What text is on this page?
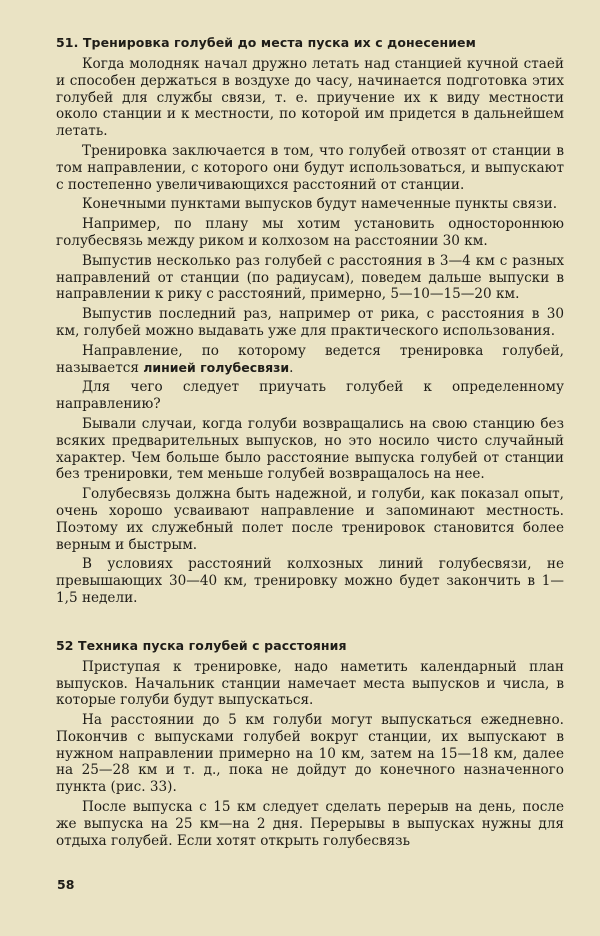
51. Тренировка голубей до места пуска их с донесением

Когда молодняк начал дружно летать над станцией кучной стаей и способен держаться в воздухе до часу, начинается подготовка этих голубей для службы связи, т. е. приучение их к виду местности около станции и к местности, по которой им придется в дальнейшем летать.

Тренировка заключается в том, что голубей отвозят от станции в том направлении, с которого они будут использоваться, и выпускают с постепенно увеличивающихся расстояний от станции.

Конечными пунктами выпусков будут намеченные пункты связи.

Например, по плану мы хотим установить одностороннюю голубесвязь между риком и колхозом на расстоянии 30 км.

Выпустив несколько раз голубей с расстояния в 3—4 км с разных направлений от станции (по радиусам), поведем дальше выпуски в направлении к рику с расстояний, примерно, 5—10—15—20 км.

Выпустив последний раз, например от рика, с расстояния в 30 км, голубей можно выдавать уже для практического использования.

Направление, по которому ведется тренировка голубей, называется линией голубесвязи.

Для чего следует приучать голубей к определенному направлению?

Бывали случаи, когда голуби возвращались на свою станцию без всяких предварительных выпусков, но это носило чисто случайный характер. Чем больше было расстояние выпуска голубей от станции без тренировки, тем меньше голубей возвращалось на нее.

Голубесвязь должна быть надежной, и голуби, как показал опыт, очень хорошо усваивают направление и запоминают местность. Поэтому их служебный полет после тренировок становится более верным и быстрым.

В условиях расстояний колхозных линий голубесвязи, не превышающих 30—40 км, тренировку можно будет закончить в 1—1,5 недели.

52 Техника пуска голубей с расстояния

Приступая к тренировке, надо наметить календарный план выпусков. Начальник станции намечает места выпусков и числа, в которые голуби будут выпускаться.

На расстоянии до 5 км голуби могут выпускаться ежедневно. Покончив с выпусками голубей вокруг станции, их выпускают в нужном направлении примерно на 10 км, затем на 15—18 км, далее на 25—28 км и т. д., пока не дойдут до конечного назначенного пункта (рис. 33).

После выпуска с 15 км следует сделать перерыв на день, после же выпуска на 25 км—на 2 дня. Перерывы в выпусках нужны для отдыха голубей. Если хотят открыть голубесвязь

58
